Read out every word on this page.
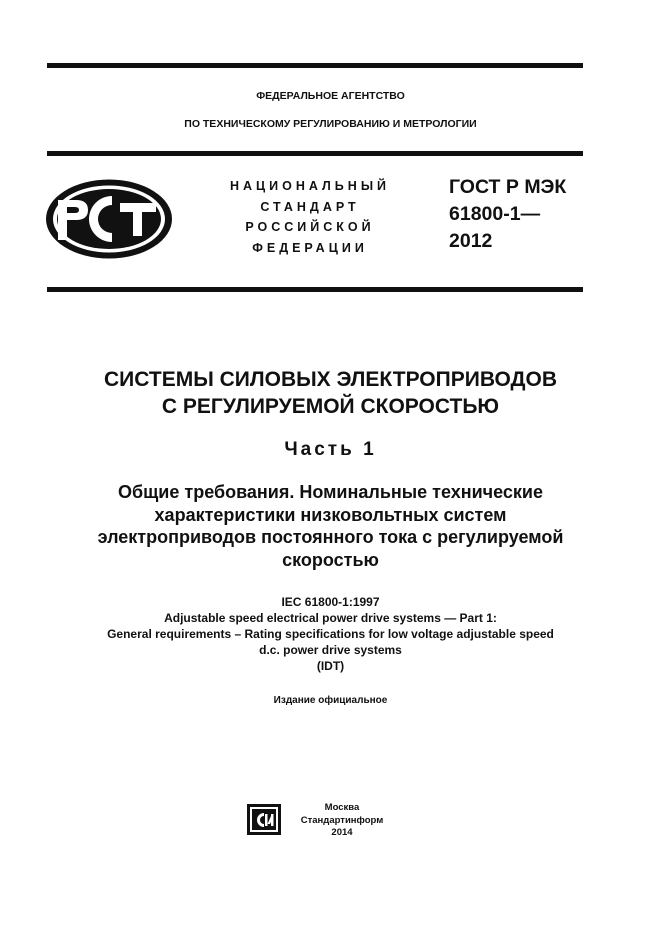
ФЕДЕРАЛЬНОЕ АГЕНТСТВО
ПО ТЕХНИЧЕСКОМУ РЕГУЛИРОВАНИЮ И МЕТРОЛОГИИ
НАЦИОНАЛЬНЫЙ
СТАНДАРТ
РОССИЙСКОЙ
ФЕДЕРАЦИИ
ГОСТ Р МЭК
61800-1—
2012
СИСТЕМЫ СИЛОВЫХ ЭЛЕКТРОПРИВОДОВ
С РЕГУЛИРУЕМОЙ СКОРОСТЬЮ
Часть 1
Общие требования. Номинальные технические
характеристики низковольтных систем
электроприводов постоянного тока с регулируемой
скоростью
IEC 61800-1:1997
Adjustable speed electrical power drive systems — Part 1:
General requirements – Rating specifications for low voltage adjustable speed
d.c. power drive systems
(IDT)
Издание официальное
Москва
Стандартинформ
2014
